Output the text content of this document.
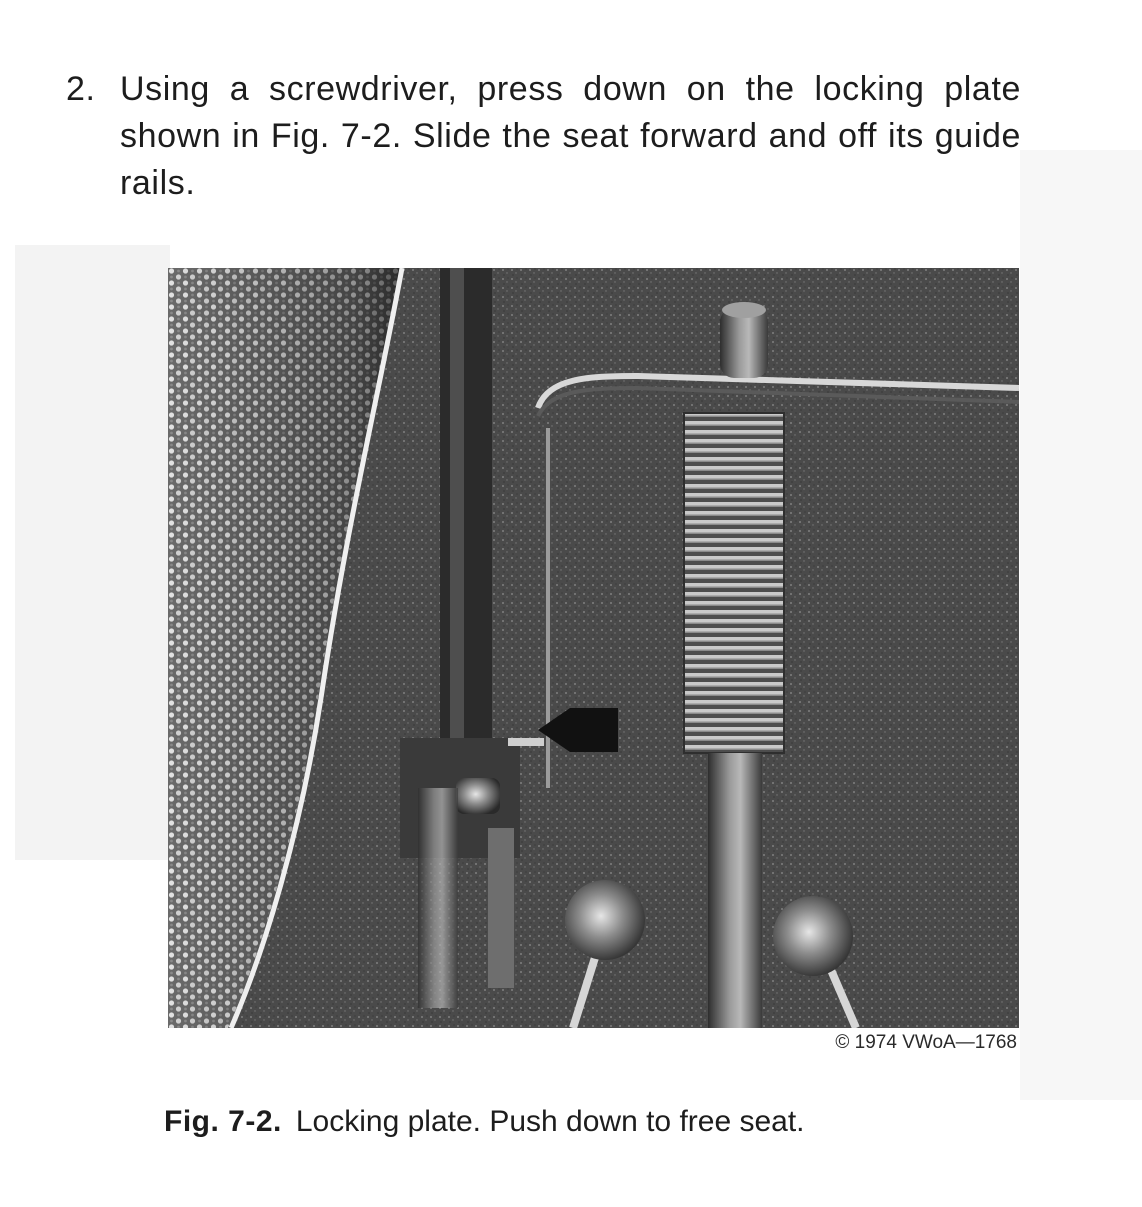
2. Using a screwdriver, press down on the locking plate shown in Fig. 7-2. Slide the seat forward and off its guide rails.
© 1974 VWoA—1768
Fig. 7-2. Locking plate. Push down to free seat.
